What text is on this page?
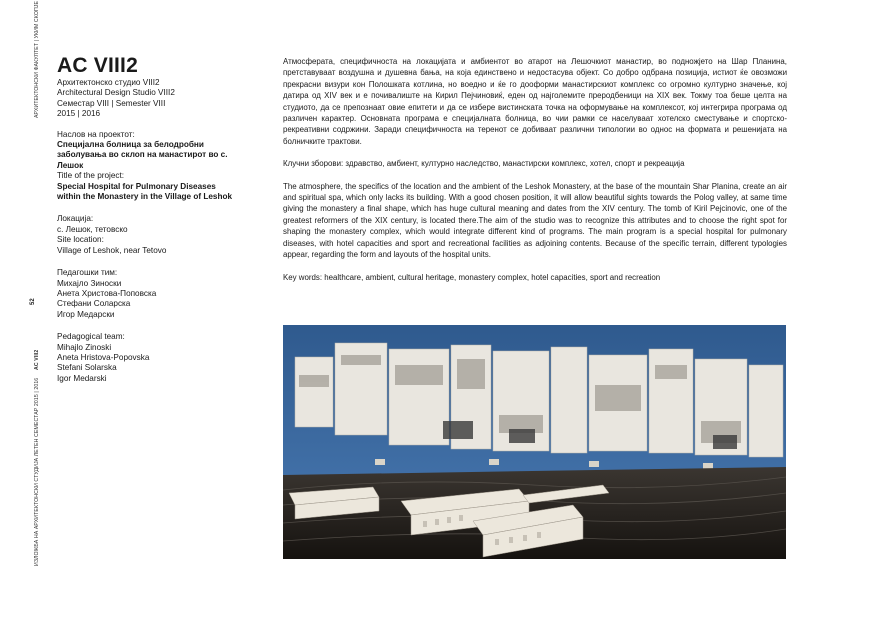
АРХИТЕКТОНСКИ ФАКУЛТЕТ | УКИМ СКОПЈЕ
52
AC VIII2
ИЗЛОЖБА НА АРХИТЕКТОНСКИ СТУДИЈА ЛЕТЕН СЕМЕСТАР 2015 | 2016
AC VIII2
Архитектонско студио VIII2
Architectural Design Studio VIII2
Семестар VIII | Semester VIII
2015 | 2016
Наслов на проектот:
Специјална болница за белодробни заболувања во склоп на манастирот во с. Лешок
Title of the project:
Special Hospital for Pulmonary Diseases within the Monastery in the Village of Leshok
Локација:
с. Лешок, тетовско
Site location:
Village of Leshok, near Tetovo
Педагошки тим:
Михајло Зиноски
Анета Христова-Поповска
Стефани Соларска
Игор Медарски
Pedagogical team:
Mihajlo Zinoski
Aneta Hristova-Popovska
Stefani Solarska
Igor Medarski

Атмосферата, специфичноста на локацијата и амбиентот во атарот на Лешочкиот манастир, во подножјето на Шар Планина, претставуваат воздушна и душевна бања, на која единствено и недостасува објект. Со добро одбрана позиција, истиот ќе овозможи прекрасни визури кон Полошката котлина, но воедно и ќе го дооформи манастирскиот комплекс со огромно културно значење, кој датира од XIV век и е почивалиште на Кирил Пејчиновиќ, еден од најголемите преродбеници на XIX век. Токму тоа беше целта на студиото, да се препознаат овие епитети и да се избере вистинската точка на оформување на комплексот, кој интегрира програма од различен карактер. Основната програма е специјалната болница, во чии рамки се населуваат хотелско сместување и спортско-рекреативни содржини. Заради специфичноста на теренот се добиваат различни типологии во однос на формата и решенијата на болничките трактови.

Клучни зборови: здравство, амбиент, културно наследство, манастирски комплекс, хотел, спорт и рекреација

The atmosphere, the specifics of the location and the ambient of the Leshok Monastery, at the base of the mountain Shar Planina, create an air and spiritual spa, which only lacks its building. With a good chosen position, it will allow beautiful sights towards the Polog valley, at same time giving the monastery a final shape, which has huge cultural meaning and dates from the XIV century. The tomb of Kiril Pejcinovic, one of the greatest reformers of the XIX century, is located there.The aim of the studio was to recognize this attributes and to choose the right spot for shaping the monastery complex, which would integrate different kind of programs. The main program is a special hospital for pulmonary diseases, with hotel capacities and sport and recreational facilities as adjoining contents. Because of the specific terrain, different typologies appear, regarding the form and layouts of the hospital units.

Key words: healthcare, ambient, cultural heritage, monastery complex, hotel capacities, sport and recreation
